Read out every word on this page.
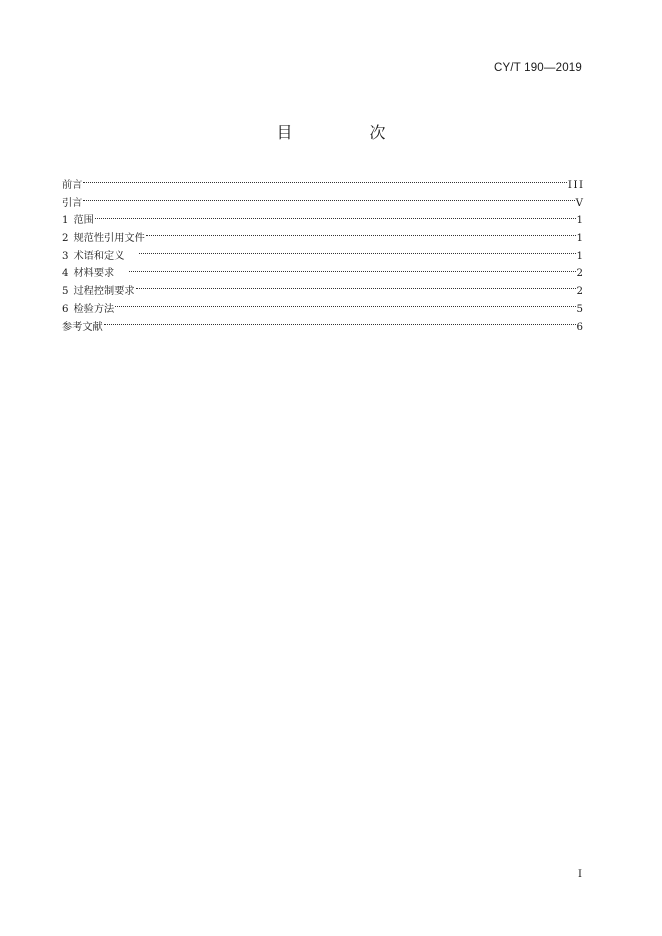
CY/T 190—2019
目 次
前言	III
引言	V
1 范围	1
2 规范性引用文件	1
3 术语和定义	1
4 材料要求	2
5 过程控制要求	2
6 检验方法	5
参考文献	6
I
